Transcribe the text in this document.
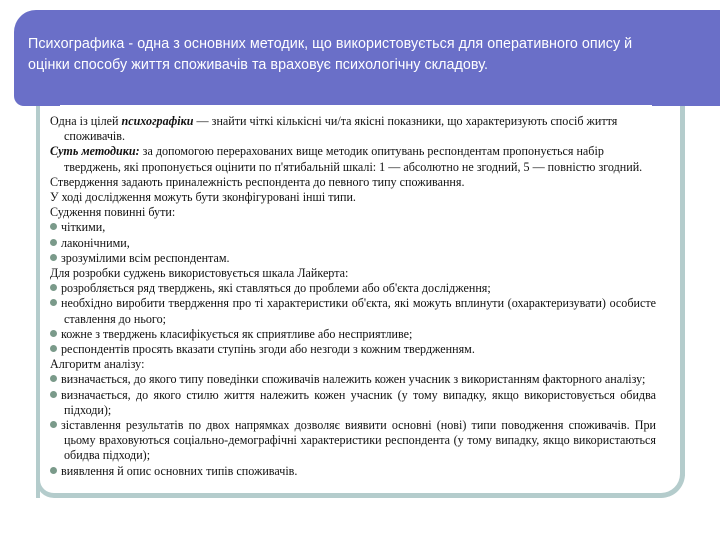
Психографика - одна з основних методик, що використовується для оперативного опису й оцінки способу життя споживачів та враховує психологічну складову.

Одна із цілей психографіки — знайти чіткі кількісні чи/та якісні показники, що характеризують спосіб життя споживачів.

Суть методики: за допомогою перерахованих вище методик опитувань респондентам пропонується набір тверджень, які пропонується оцінити по п'ятибальній шкалі: 1 — абсолютно не згодний, 5 — повністю згодний.

Ствердження задають приналежність респондента до певного типу споживання.

У ході дослідження можуть бути зконфігуровані інші типи.

Судження повинні бути:

чіткими,

лаконічними,

зрозумілими всім респондентам.

Для розробки суджень використовується шкала Лайкерта:

розробляється ряд тверджень, які ставляться до проблеми або об'єкта дослідження;

необхідно виробити твердження про ті характеристики об'єкта, які можуть вплинути (охарактеризувати) особисте ставлення до нього;

кожне з тверджень класифікується як сприятливе або несприятливе;

респондентів просять вказати ступінь згоди або незгоди з кожним твердженням.

Алгоритм аналізу:

визначається, до якого типу поведінки споживачів належить кожен учасник з використанням факторного аналізу;

визначається, до якого стилю життя належить кожен учасник (у тому випадку, якщо використовується обидва підходи);

зіставлення результатів по двох напрямках дозволяє виявити основні (нові) типи поводження споживачів. При цьому враховуються соціально-демографічні характеристики респондента (у тому випадку, якщо використаються обидва підходи);

виявлення й опис основних типів споживачів.
